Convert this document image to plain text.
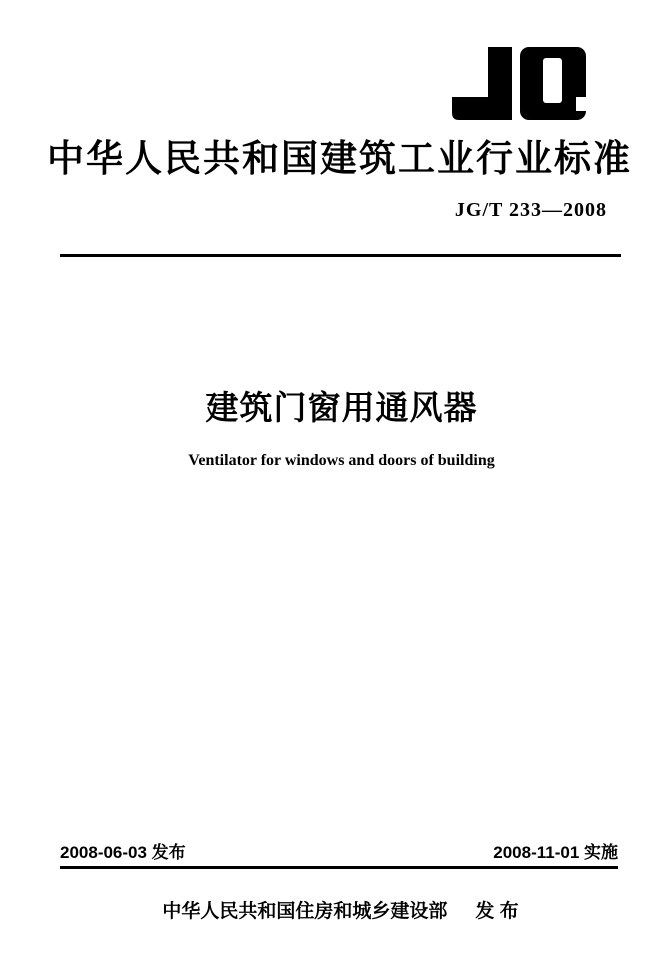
中华人民共和国建筑工业行业标准
JG/T 233—2008
建筑门窗用通风器
Ventilator for windows and doors of building
2008-06-03 发布	2008-11-01 实施
中华人民共和国住房和城乡建设部 发 布
